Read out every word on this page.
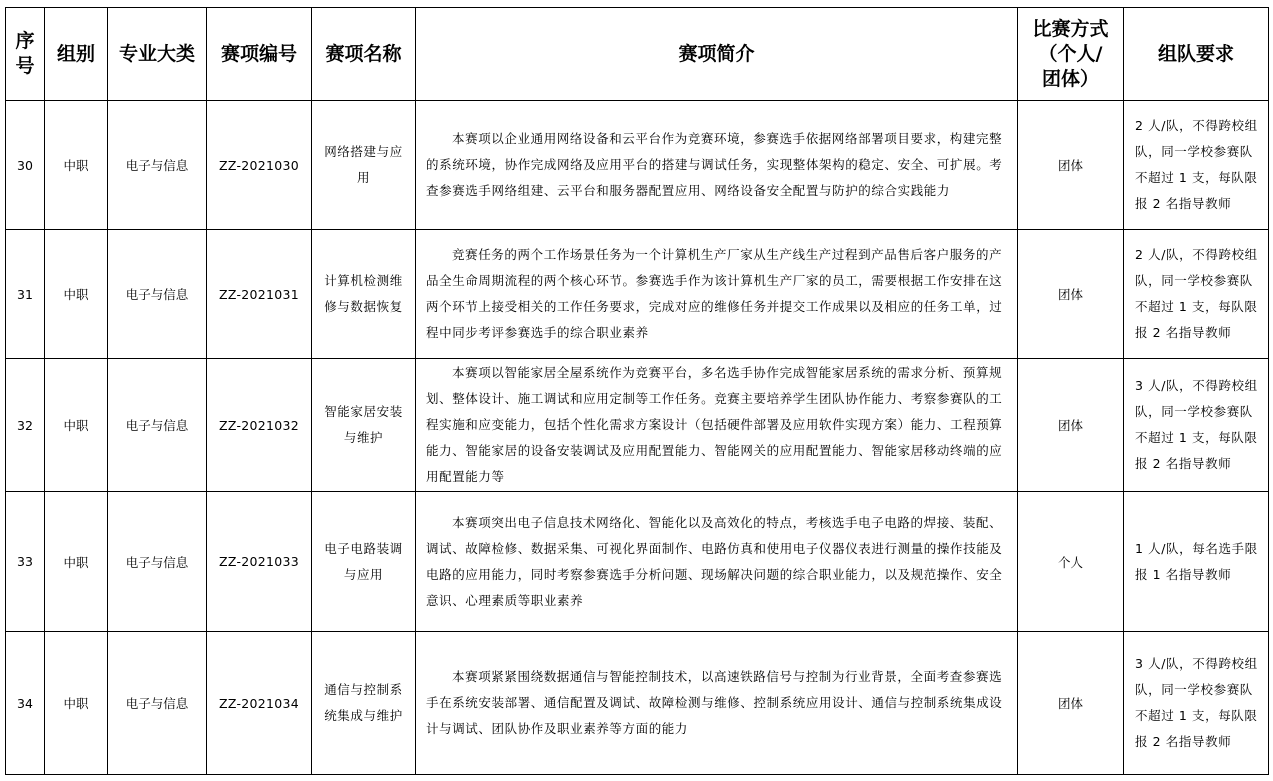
序号	组别	专业大类	赛项编号	赛项名称	赛项简介	比赛方式（个人/团体）	组队要求
30	中职	电子与信息	ZZ-2021030	网络搭建与应用	本赛项以企业通用网络设备和云平台作为竞赛环境，参赛选手依据网络部署项目要求，构建完整的系统环境，协作完成网络及应用平台的搭建与调试任务，实现整体架构的稳定、安全、可扩展。考查参赛选手网络组建、云平台和服务器配置应用、网络设备安全配置与防护的综合实践能力	团体	2 人/队，不得跨校组队，同一学校参赛队不超过 1 支，每队限报 2 名指导教师
31	中职	电子与信息	ZZ-2021031	计算机检测维修与数据恢复	竞赛任务的两个工作场景任务为一个计算机生产厂家从生产线生产过程到产品售后客户服务的产品全生命周期流程的两个核心环节。参赛选手作为该计算机生产厂家的员工，需要根据工作安排在这两个环节上接受相关的工作任务要求，完成对应的维修任务并提交工作成果以及相应的任务工单，过程中同步考评参赛选手的综合职业素养	团体	2 人/队，不得跨校组队，同一学校参赛队不超过 1 支，每队限报 2 名指导教师
32	中职	电子与信息	ZZ-2021032	智能家居安装与维护	本赛项以智能家居全屋系统作为竞赛平台，多名选手协作完成智能家居系统的需求分析、预算规划、整体设计、施工调试和应用定制等工作任务。竞赛主要培养学生团队协作能力、考察参赛队的工程实施和应变能力，包括个性化需求方案设计（包括硬件部署及应用软件实现方案）能力、工程预算能力、智能家居的设备安装调试及应用配置能力、智能网关的应用配置能力、智能家居移动终端的应用配置能力等	团体	3 人/队，不得跨校组队，同一学校参赛队不超过 1 支，每队限报 2 名指导教师
33	中职	电子与信息	ZZ-2021033	电子电路装调与应用	本赛项突出电子信息技术网络化、智能化以及高效化的特点，考核选手电子电路的焊接、装配、调试、故障检修、数据采集、可视化界面制作、电路仿真和使用电子仪器仪表进行测量的操作技能及电路的应用能力，同时考察参赛选手分析问题、现场解决问题的综合职业能力，以及规范操作、安全意识、心理素质等职业素养	个人	1 人/队，每名选手限报 1 名指导教师
34	中职	电子与信息	ZZ-2021034	通信与控制系统集成与维护	本赛项紧紧围绕数据通信与智能控制技术，以高速铁路信号与控制为行业背景，全面考查参赛选手在系统安装部署、通信配置及调试、故障检测与维修、控制系统应用设计、通信与控制系统集成设计与调试、团队协作及职业素养等方面的能力	团体	3 人/队，不得跨校组队，同一学校参赛队不超过 1 支，每队限报 2 名指导教师
